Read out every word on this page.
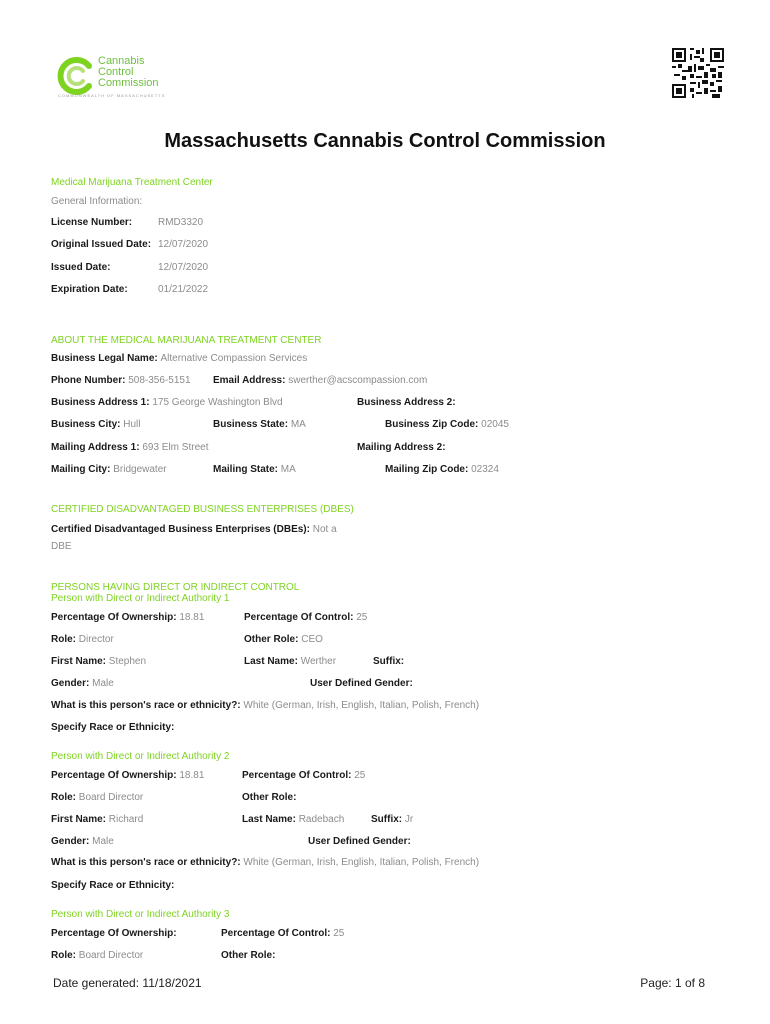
Cannabis
Control
Commission
COMMONWEALTH OF MASSACHUSETTS
Massachusetts Cannabis Control Commission
Medical Marijuana Treatment Center
General Information:
License Number:	RMD3320
Original Issued Date: 12/07/2020
Issued Date:	12/07/2020
Expiration Date:	01/21/2022
ABOUT THE MEDICAL MARIJUANA TREATMENT CENTER
Business Legal Name: Alternative Compassion Services
Phone Number: 508-356-5151 Email Address: swerther@acscompassion.com
Business Address 1: 175 George Washington Blvd	Business Address 2:
Business City: Hull	Business State: MA	Business Zip Code: 02045
Mailing Address 1: 693 Elm Street	Mailing Address 2:
Mailing City: Bridgewater	Mailing State: MA	Mailing Zip Code: 02324
CERTIFIED DISADVANTAGED BUSINESS ENTERPRISES (DBES)
Certified Disadvantaged Business Enterprises (DBEs): Not a
DBE
PERSONS HAVING DIRECT OR INDIRECT CONTROL
Person with Direct or Indirect Authority 1
Percentage Of Ownership: 18.81	Percentage Of Control: 25
Role: Director	Other Role: CEO
First Name: Stephen	Last Name: Werther	Suffix:
Gender: Male	User Defined Gender:
What is this person's race or ethnicity?: White (German, Irish, English, Italian, Polish, French)
Specify Race or Ethnicity:
Person with Direct or Indirect Authority 2
Percentage Of Ownership: 18.81	Percentage Of Control: 25
Role: Board Director	Other Role:
First Name: Richard	Last Name: Radebach	Suffix: Jr
Gender: Male	User Defined Gender:
What is this person's race or ethnicity?: White (German, Irish, English, Italian, Polish, French)
Specify Race or Ethnicity:
Person with Direct or Indirect Authority 3
Percentage Of Ownership:	Percentage Of Control: 25
Role: Board Director	Other Role:
Date generated: 11/18/2021	Page: 1 of 8
